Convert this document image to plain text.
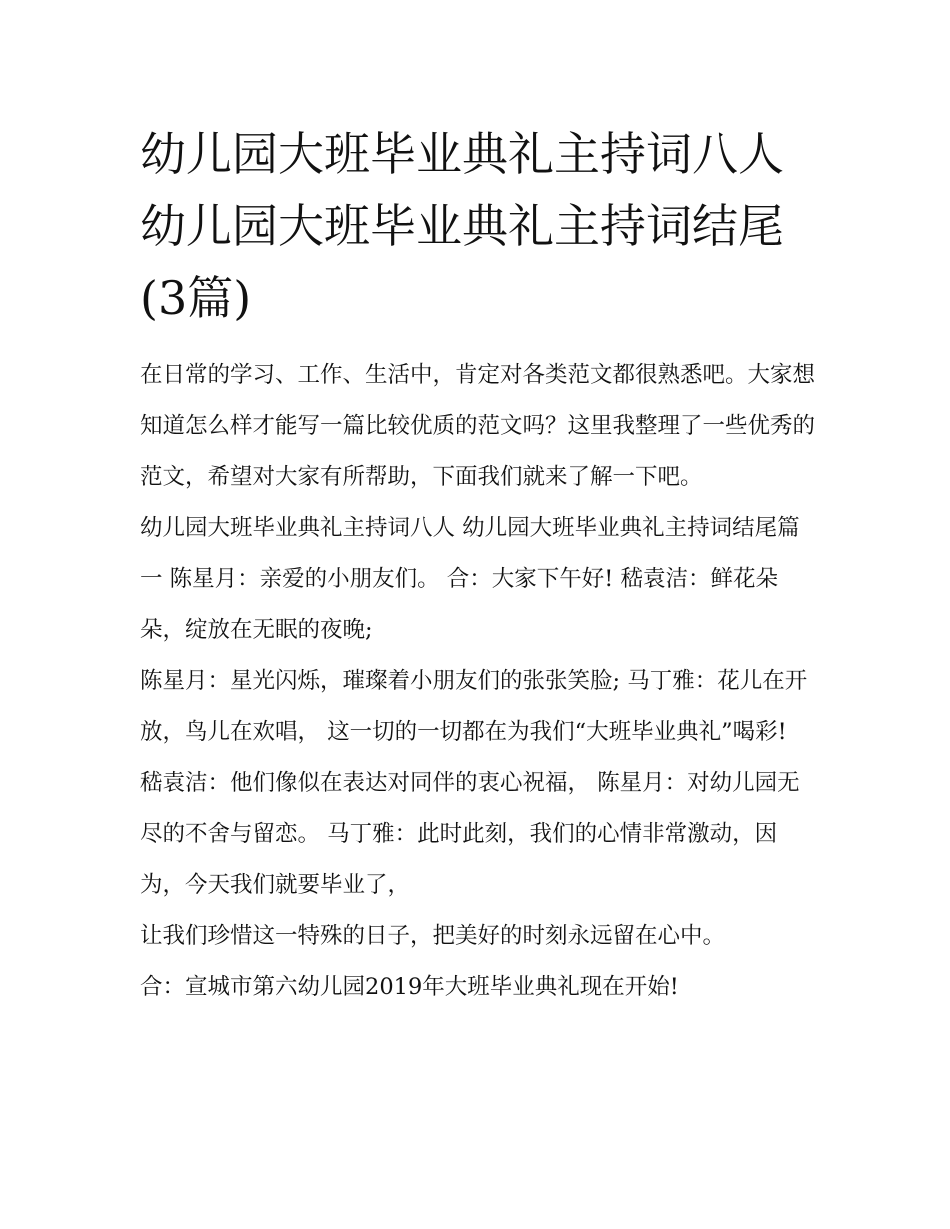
幼儿园大班毕业典礼主持词八人 幼儿园大班毕业典礼主持词结尾(3篇)

在日常的学习、工作、生活中，肯定对各类范文都很熟悉吧。大家想知道怎么样才能写一篇比较优质的范文吗？这里我整理了一些优秀的范文，希望对大家有所帮助，下面我们就来了解一下吧。

幼儿园大班毕业典礼主持词八人 幼儿园大班毕业典礼主持词结尾篇一 陈星月：亲爱的小朋友们。 合：大家下午好! 嵇袁洁：鲜花朵朵，绽放在无眠的夜晚;

陈星月：星光闪烁，璀璨着小朋友们的张张笑脸; 马丁雅：花儿在开放，鸟儿在欢唱， 这一切的一切都在为我们“大班毕业典礼”喝彩!

嵇袁洁：他们像似在表达对同伴的衷心祝福， 陈星月：对幼儿园无尽的不舍与留恋。 马丁雅：此时此刻，我们的心情非常激动，因为，今天我们就要毕业了，

让我们珍惜这一特殊的日子，把美好的时刻永远留在心中。

合：宣城市第六幼儿园2019年大班毕业典礼现在开始!
